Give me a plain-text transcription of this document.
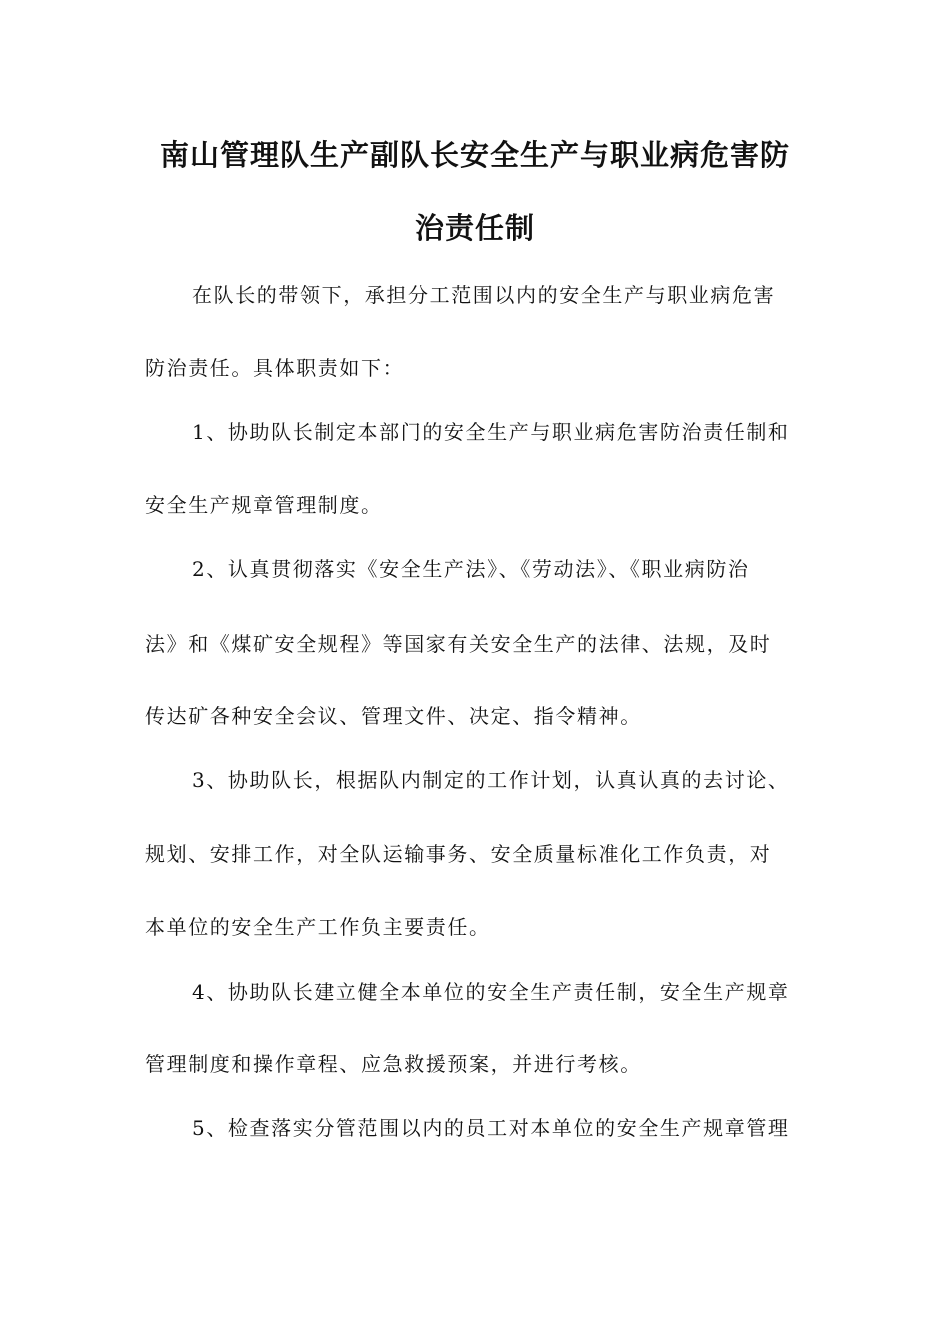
南山管理队生产副队长安全生产与职业病危害防
治责任制

在队长的带领下，承担分工范围以内的安全生产与职业病危害

防治责任。具体职责如下：

1、协助队长制定本部门的安全生产与职业病危害防治责任制和

安全生产规章管理制度。

2、认真贯彻落实《安全生产法》、《劳动法》、《职业病防治

法》和《煤矿安全规程》等国家有关安全生产的法律、法规，及时

传达矿各种安全会议、管理文件、决定、指令精神。

3、协助队长，根据队内制定的工作计划，认真认真的去讨论、

规划、安排工作，对全队运输事务、安全质量标准化工作负责，对

本单位的安全生产工作负主要责任。

4、协助队长建立健全本单位的安全生产责任制，安全生产规章

管理制度和操作章程、应急救援预案，并进行考核。

5、检查落实分管范围以内的员工对本单位的安全生产规章管理
